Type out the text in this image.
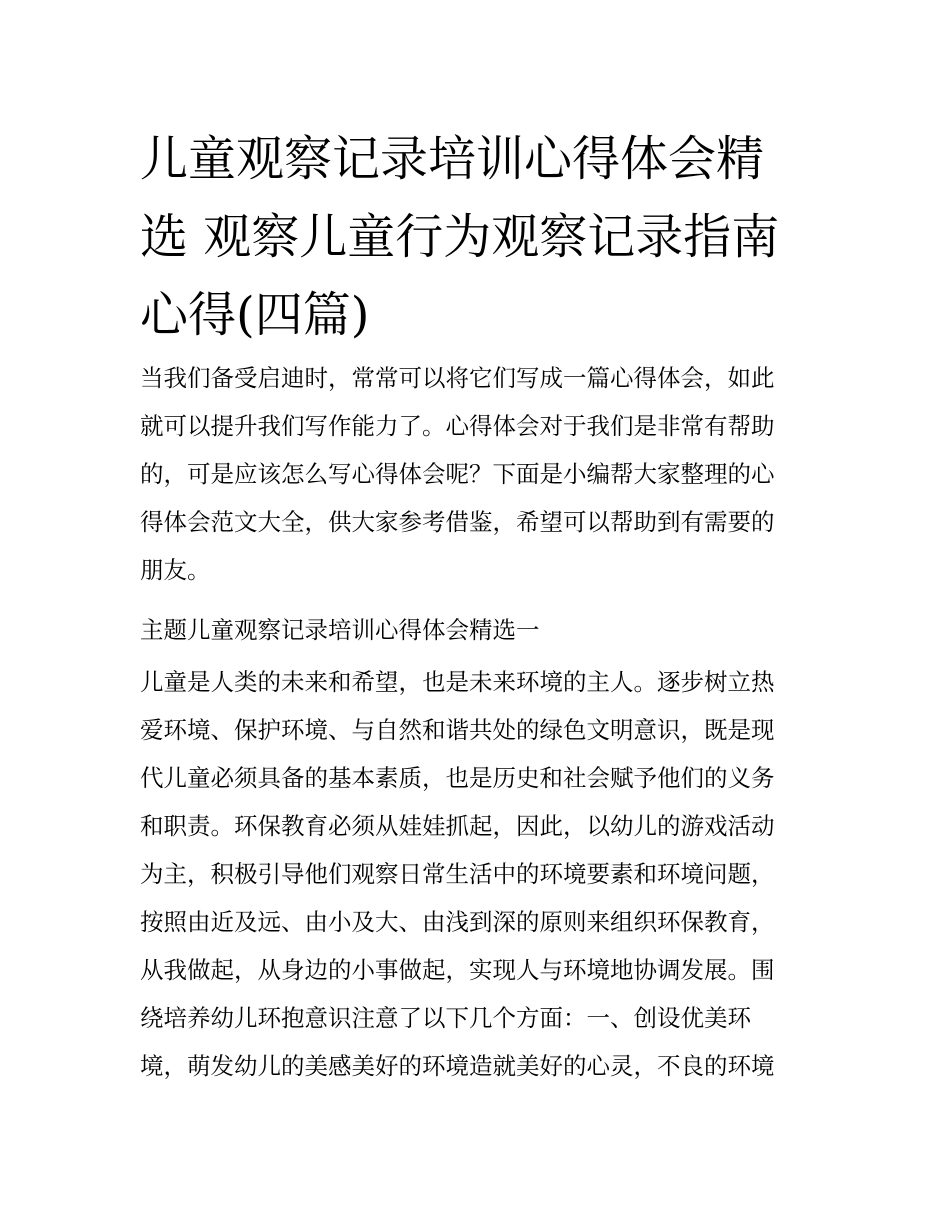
儿童观察记录培训心得体会精
选 观察儿童行为观察记录指南
心得(四篇)

当我们备受启迪时，常常可以将它们写成一篇心得体会，如此
就可以提升我们写作能力了。心得体会对于我们是非常有帮助
的，可是应该怎么写心得体会呢？下面是小编帮大家整理的心
得体会范文大全，供大家参考借鉴，希望可以帮助到有需要的
朋友。

主题儿童观察记录培训心得体会精选一

儿童是人类的未来和希望，也是未来环境的主人。逐步树立热
爱环境、保护环境、与自然和谐共处的绿色文明意识，既是现
代儿童必须具备的基本素质，也是历史和社会赋予他们的义务
和职责。环保教育必须从娃娃抓起，因此，以幼儿的游戏活动
为主，积极引导他们观察日常生活中的环境要素和环境问题，
按照由近及远、由小及大、由浅到深的原则来组织环保教育，
从我做起，从身边的小事做起，实现人与环境地协调发展。围
绕培养幼儿环抱意识注意了以下几个方面：一、创设优美环
境，萌发幼儿的美感美好的环境造就美好的心灵，不良的环境
